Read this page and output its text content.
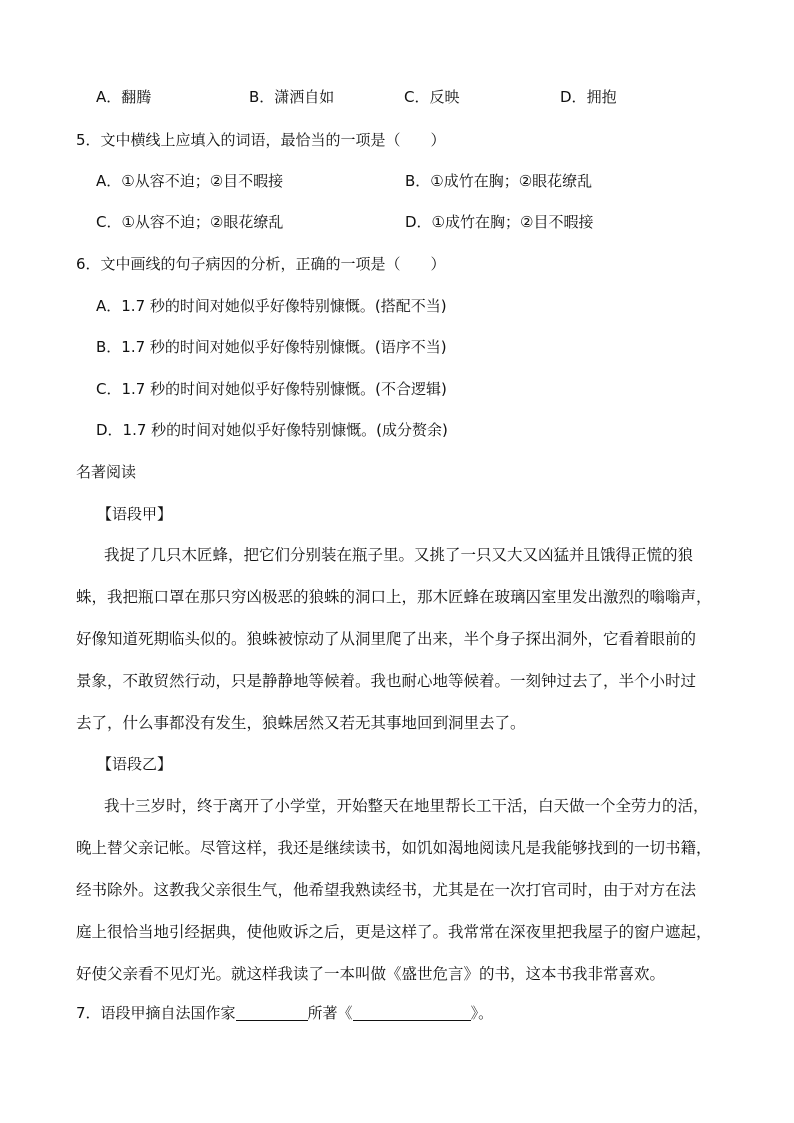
A．翻腾	B．潇洒自如	C．反映	D．拥抱
5．文中横线上应填入的词语，最恰当的一项是（　　）
A．①从容不迫；②目不暇接	B．①成竹在胸；②眼花缭乱
C．①从容不迫；②眼花缭乱	D．①成竹在胸；②目不暇接
6．文中画线的句子病因的分析，正确的一项是（　　）
A．1.7 秒的时间对她似乎好像特别慷慨。(搭配不当)
B．1.7 秒的时间对她似乎好像特别慷慨。(语序不当)
C．1.7 秒的时间对她似乎好像特别慷慨。(不合逻辑)
D．1.7 秒的时间对她似乎好像特别慷慨。(成分赘余)
名著阅读
【语段甲】
我捉了几只木匠蜂，把它们分别装在瓶子里。又挑了一只又大又凶猛并且饿得正慌的狼
蛛，我把瓶口罩在那只穷凶极恶的狼蛛的洞口上，那木匠蜂在玻璃囚室里发出激烈的嗡嗡声，
好像知道死期临头似的。狼蛛被惊动了从洞里爬了出来，半个身子探出洞外，它看着眼前的
景象，不敢贸然行动，只是静静地等候着。我也耐心地等候着。一刻钟过去了，半个小时过
去了，什么事都没有发生，狼蛛居然又若无其事地回到洞里去了。
【语段乙】
我十三岁时，终于离开了小学堂，开始整天在地里帮长工干活，白天做一个全劳力的活，
晚上替父亲记帐。尽管这样，我还是继续读书，如饥如渴地阅读凡是我能够找到的一切书籍，
经书除外。这教我父亲很生气，他希望我熟读经书，尤其是在一次打官司时，由于对方在法
庭上很恰当地引经据典，使他败诉之后，更是这样了。我常常在深夜里把我屋子的窗户遮起，
好使父亲看不见灯光。就这样我读了一本叫做《盛世危言》的书，这本书我非常喜欢。
7．语段甲摘自法国作家	所著《	》。
